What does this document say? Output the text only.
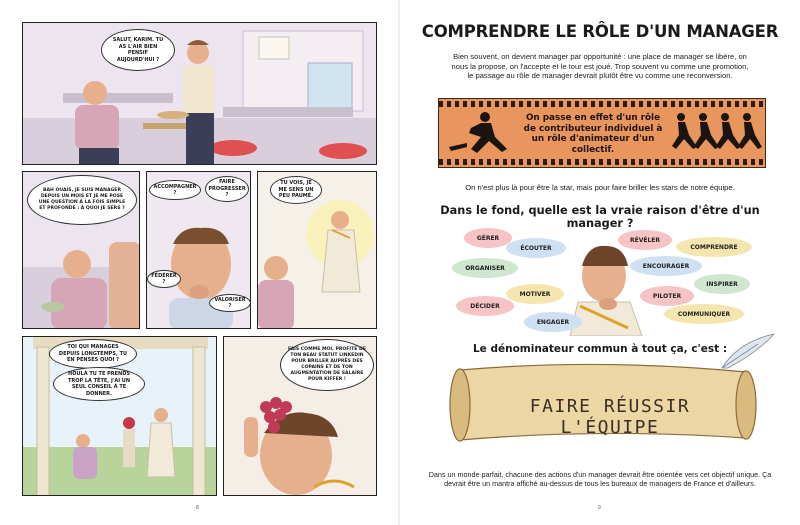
SALUT, KARIM. TU AS L'AIR BIEN PENSIF AUJOURD'HUI ?
BAH OUAIS, JE SUIS MANAGER DEPUIS UN MOIS ET JE ME POSE UNE QUESTION À LA FOIS SIMPLE ET PROFONDE : À QUOI JE SERS ?
ACCOMPAGNER ?
FAIRE PROGRESSER ?
FÉDÉRER ?
VALORISER ?
TU VOIS, JE ME SENS UN PEU PAUMÉ.
TOI QUI MANAGES DEPUIS LONGTEMPS, TU EN PENSES QUOI ?
HOULÀ TU TE PRENDS TROP LA TÊTE, J'AI UN SEUL CONSEIL À TE DONNER.
FAIS COMME MOI, PROFITE DE TON BEAU STATUT LINKEDIN POUR BRILLER AUPRÈS DES COPAINS ET DE TON AUGMENTATION DE SALAIRE POUR KIFFER !
8
COMPRENDRE LE RÔLE D'UN MANAGER
Bien souvent, on devient manager par opportunité : une place de manager se libère, on nous la propose, on l'accepte et le tour est joué. Trop souvent vu comme une promotion, le passage au rôle de manager devrait plutôt être vu comme une reconversion.
On passe en effet d'un rôle de contributeur individuel à un rôle d'animateur d'un collectif.
On n'est plus là pour être la star, mais pour faire briller les stars de notre équipe.
Dans le fond, quelle est la vraie raison d'être d'un manager ?
GÉRER
ÉCOUTER
RÉVÉLER
COMPRENDRE
ORGANISER	ENCOURAGER
INSPIRER
MOTIVER	PILOTER
DÉCIDER
ENGAGER
COMMUNIQUER
Le dénominateur commun à tout ça, c'est :
FAIRE RÉUSSIR L'ÉQUIPE
Dans un monde parfait, chacune des actions d'un manager devrait être orientée vers cet objectif unique. Ça devrait être un mantra affiché au-dessus de tous les bureaux de managers de France et d'ailleurs.
9
